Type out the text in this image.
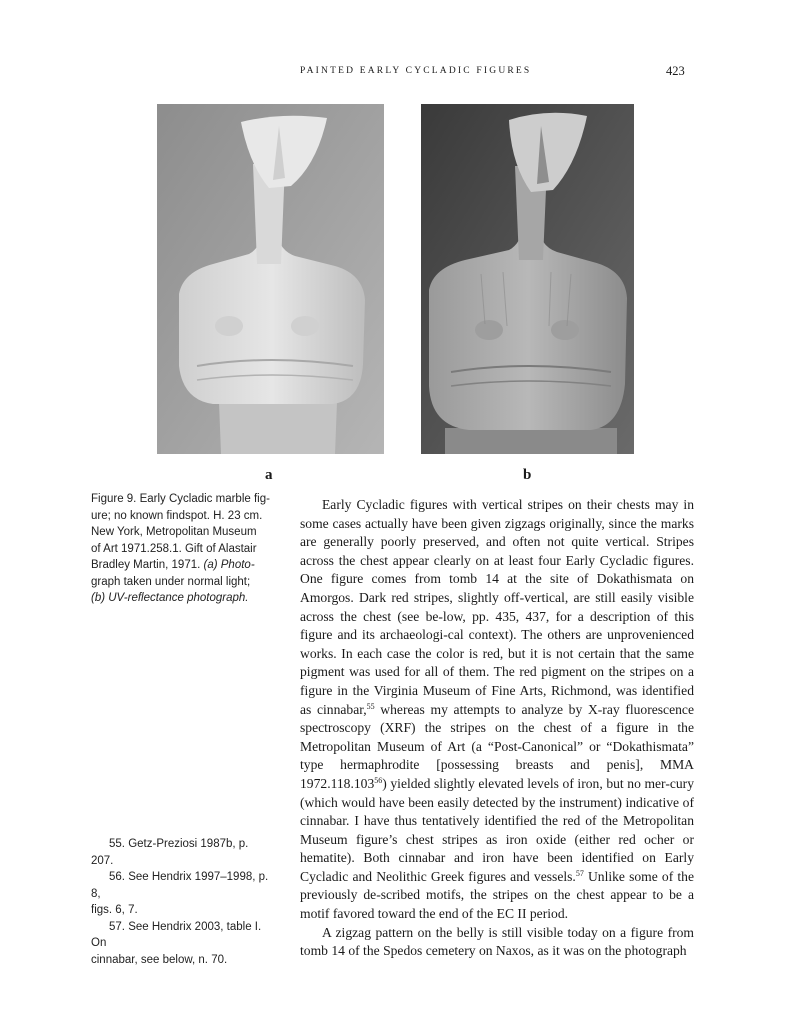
PAINTED EARLY CYCLADIC FIGURES	423
a	b
Figure 9. Early Cycladic marble fig-
ure; no known findspot. H. 23 cm.
New York, Metropolitan Museum
of Art 1971.258.1. Gift of Alastair
Bradley Martin, 1971. (a) Photo-
graph taken under normal light;
(b) UV-reflectance photograph.

55. Getz-Preziosi 1987b, p. 207.

56. See Hendrix 1997–1998, p. 8,
figs. 6, 7.

57. See Hendrix 2003, table I. On
cinnabar, see below, n. 70.

Early Cycladic figures with vertical stripes on their chests may in some cases actually have been given zigzags originally, since the marks are generally poorly preserved, and often not quite vertical. Stripes across the chest appear clearly on at least four Early Cycladic figures. One figure comes from tomb 14 at the site of Dokathismata on Amorgos. Dark red stripes, slightly off-vertical, are still easily visible across the chest (see be-low, pp. 435, 437, for a description of this figure and its archaeologi-cal context). The others are unprovenienced works. In each case the color is red, but it is not certain that the same pigment was used for all of them. The red pigment on the stripes on a figure in the Virginia Museum of Fine Arts, Richmond, was identified as cinnabar,$^{55}$ whereas my attempts to analyze by X-ray fluorescence spectroscopy (XRF) the stripes on the chest of a figure in the Metropolitan Museum of Art (a “Post-Canonical” or “Dokathismata” type hermaphrodite [possessing breasts and penis], MMA 1972.118.103$^{56}$) yielded slightly elevated levels of iron, but no mer-cury (which would have been easily detected by the instrument) indicative of cinnabar. I have thus tentatively identified the red of the Metropolitan Museum figure’s chest stripes as iron oxide (either red ocher or hematite). Both cinnabar and iron have been identified on Early Cycladic and Neolithic Greek figures and vessels.$^{57}$ Unlike some of the previously de-scribed motifs, the stripes on the chest appear to be a motif favored toward the end of the EC II period.

A zigzag pattern on the belly is still visible today on a figure from tomb 14 of the Spedos cemetery on Naxos, as it was on the photograph
